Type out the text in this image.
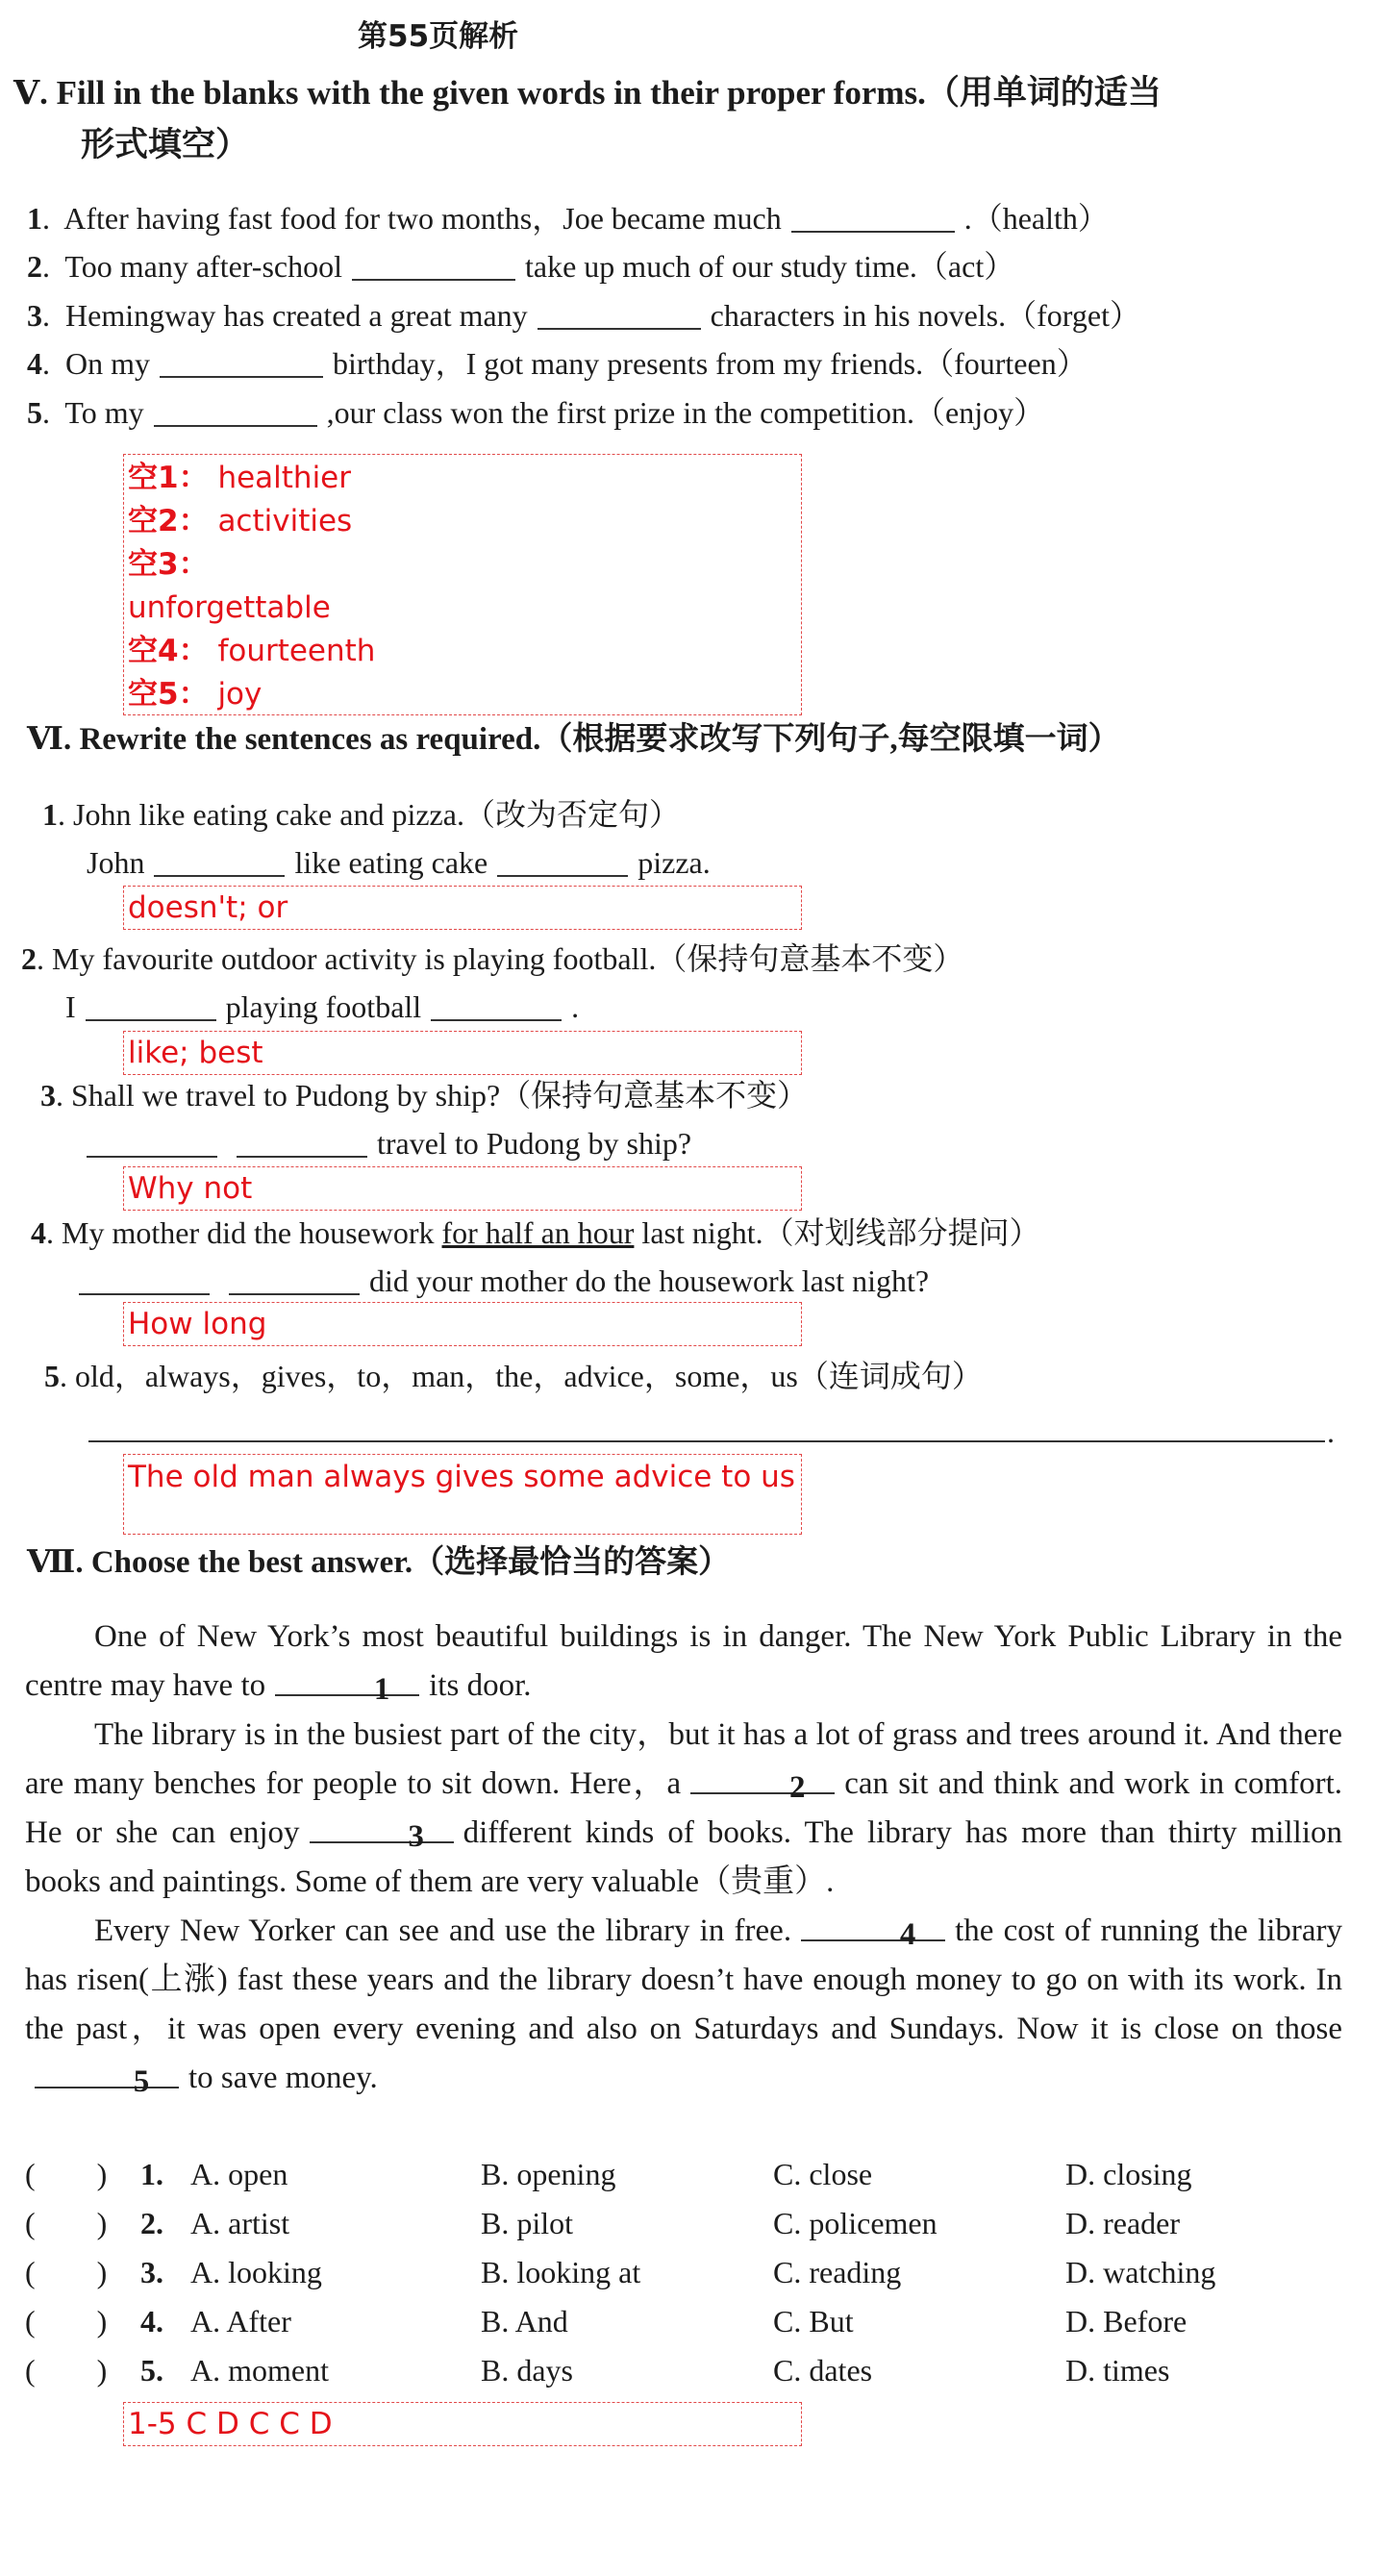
第55页解析
Ⅴ. Fill in the blanks with the given words in their proper forms.（用单词的适当
形式填空）
1.  After having fast food for two months，Joe became much	.（health）
2.  Too many after-school	take up much of our study time.（act）
3.  Hemingway has created a great many	characters in his novels.（forget）
4.  On my	birthday，I got many presents from my friends.（fourteen）
5.  To my	,our class won the first prize in the competition.（enjoy）
空1： healthier
空2： activities
空3：
unforgettable
空4： fourteenth
空5： joy
Ⅵ. Rewrite the sentences as required.（根据要求改写下列句子,每空限填一词）
1. John like eating cake and pizza.（改为否定句）
John	like eating cake	pizza.
doesn't; or
2. My favourite outdoor activity is playing football.（保持句意基本不变）
I	playing football	.
like; best
3. Shall we travel to Pudong by ship?（保持句意基本不变）
travel to Pudong by ship?
Why not
4. My mother did the housework for half an hour last night.（对划线部分提问）
did your mother do the housework last night?
How long
5. old，always，gives，to，man，the，advice，some，us（连词成句）
.
The old man always gives some advice to us
Ⅶ. Choose the best answer.（选择最恰当的答案）

One of New York’s most beautiful buildings is in danger. The New York Public Library in the centre may have to	1 its door.

The library is in the busiest part of the city，but it has a lot of grass and trees around it. And there are many benches for people to sit down. Here，a	2 can sit and think and work in comfort. He or she can enjoy	3 different kinds of books. The library has more than thirty million books and paintings. Some of them are very valuable（贵重）.

Every New Yorker can see and use the library in free.	4 the cost of running the library has risen(上涨) fast these years and the library doesn’t have enough money to go on with its work. In the past，it was open every evening and also on Saturdays and Sundays. Now it is close on those5 to save money.

(　　) 1. A. open	B. opening	C. close	D. closing
(　　) 2. A. artist	B. pilot	C. policemen	D. reader
(　　) 3. A. looking	B. looking at	C. reading	D. watching
(　　) 4. A. After	B. And	C. But	D. Before
(　　) 5. A. moment	B. days	C. dates	D. times
1-5 C D C C D
